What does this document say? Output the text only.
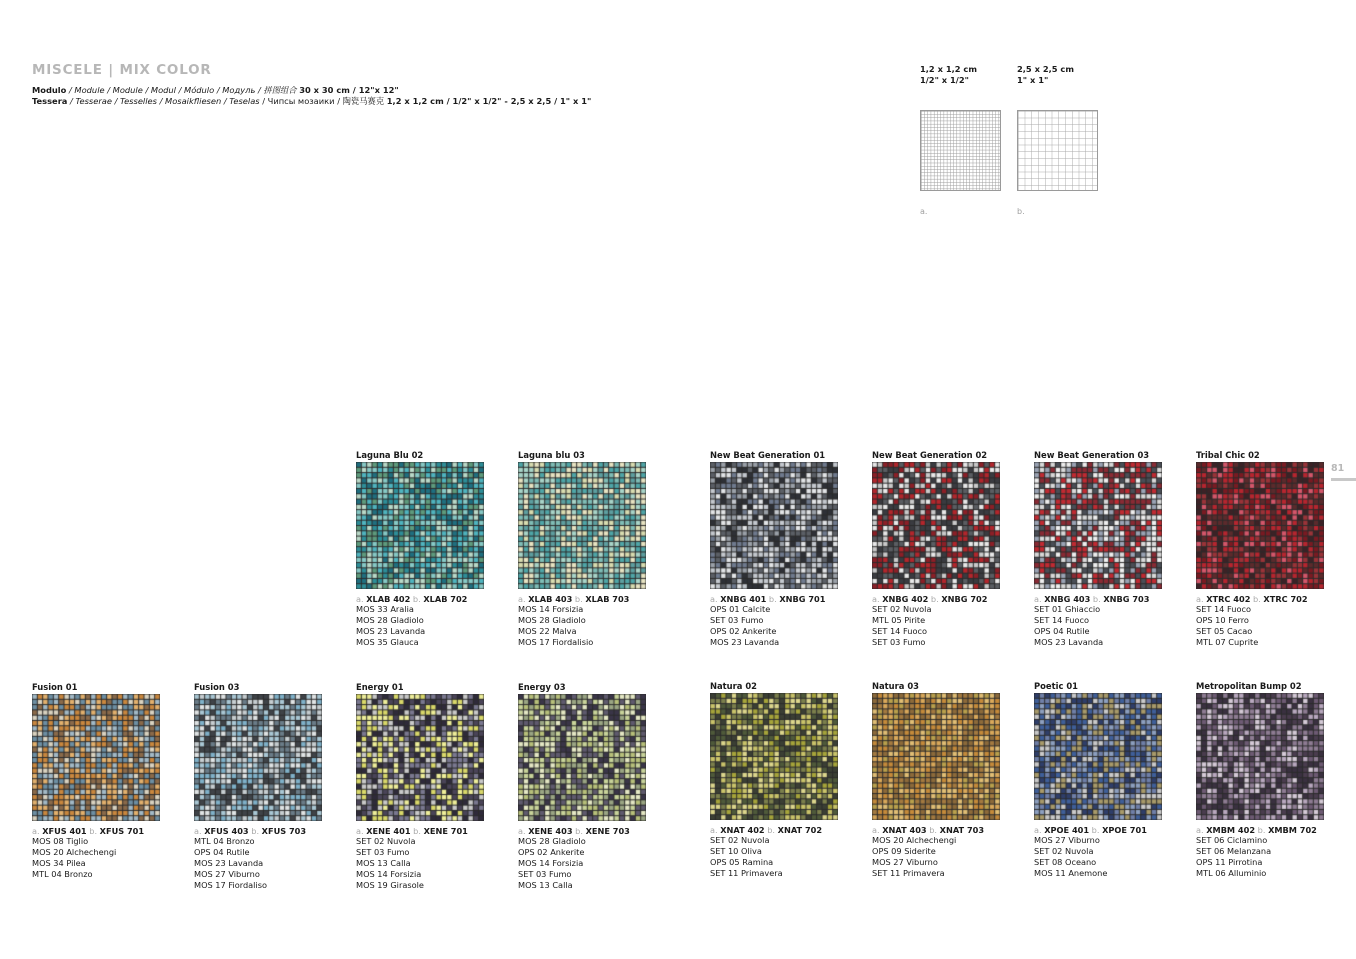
MISCELE | MIX COLOR
Modulo / Module / Module / Modul / Módulo / Модуль / 拼图组合 30 x 30 cm / 12"x 12"
Tessera / Tesserae / Tesselles / Mosaikfliesen / Teselas / Чипсы мозаики / 陶瓷马赛克 1,2 x 1,2 cm / 1/2" x 1/2" - 2,5 x 2,5 / 1" x 1"
1,2 x 1,2 cm
1/2" x 1/2"
2,5 x 2,5 cm
1" x 1"
a.	b.
81
Laguna Blu 02
a. XLAB 402 b. XLAB 702
MOS 33 Aralia
MOS 28 Gladiolo
MOS 23 Lavanda
MOS 35 Glauca
Laguna blu 03
a. XLAB 403 b. XLAB 703
MOS 14 Forsizia
MOS 28 Gladiolo
MOS 22 Malva
MOS 17 Fiordalisio
New Beat Generation 01
a. XNBG 401 b. XNBG 701
OPS 01 Calcite
SET 03 Fumo
OPS 02 Ankerite
MOS 23 Lavanda
New Beat Generation 02
a. XNBG 402 b. XNBG 702
SET 02 Nuvola
MTL 05 Pirite
SET 14 Fuoco
SET 03 Fumo
New Beat Generation 03
a. XNBG 403 b. XNBG 703
SET 01 Ghiaccio
SET 14 Fuoco
OPS 04 Rutile
MOS 23 Lavanda
Tribal Chic 02
a. XTRC 402 b. XTRC 702
SET 14 Fuoco
OPS 10 Ferro
SET 05 Cacao
MTL 07 Cuprite
Fusion 01
a. XFUS 401 b. XFUS 701
MOS 08 Tiglio
MOS 20 Alchechengi
MOS 34 Pilea
MTL 04 Bronzo
Fusion 03
a. XFUS 403 b. XFUS 703
MTL 04 Bronzo
OPS 04 Rutile
MOS 23 Lavanda
MOS 27 Viburno
MOS 17 Fiordaliso
Energy 01
a. XENE 401 b. XENE 701
SET 02 Nuvola
SET 03 Fumo
MOS 13 Calla
MOS 14 Forsizia
MOS 19 Girasole
Energy 03
a. XENE 403 b. XENE 703
MOS 28 Gladiolo
OPS 02 Ankerite
MOS 14 Forsizia
SET 03 Fumo
MOS 13 Calla
Natura 02
a. XNAT 402 b. XNAT 702
SET 02 Nuvola
SET 10 Oliva
OPS 05 Ramina
SET 11 Primavera
Natura 03
a. XNAT 403 b. XNAT 703
MOS 20 Alchechengi
OPS 09 Siderite
MOS 27 Viburno
SET 11 Primavera
Poetic 01
a. XPOE 401 b. XPOE 701
MOS 27 Viburno
SET 02 Nuvola
SET 08 Oceano
MOS 11 Anemone
Metropolitan Bump 02
a. XMBM 402 b. XMBM 702
SET 06 Ciclamino
SET 06 Melanzana
OPS 11 Pirrotina
MTL 06 Alluminio
